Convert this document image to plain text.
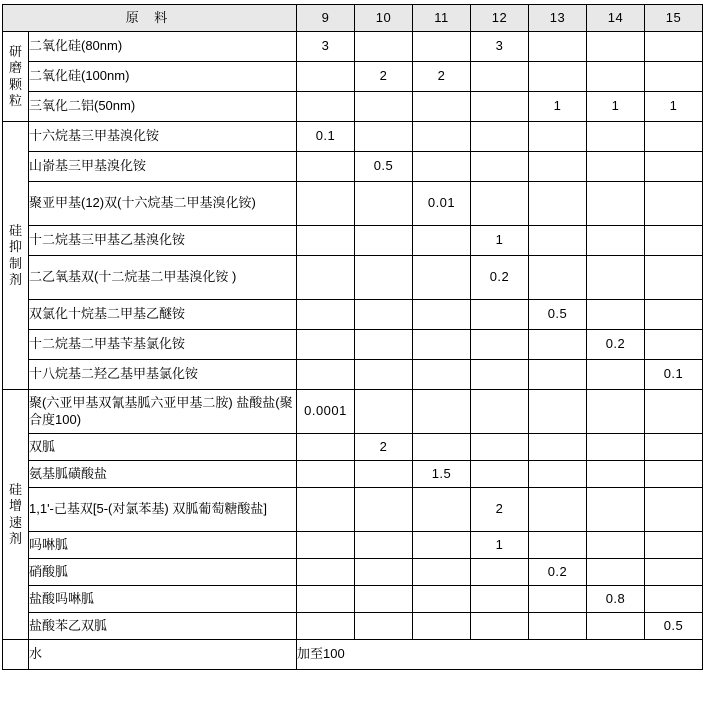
原 料		9	10	11	12	13	14	15
研磨颗粒	二氧化硅(80nm)	3			3			
	二氧化硅(100nm)		2	2				
	三氧化二铝(50nm)					1	1	1
硅抑制剂	十六烷基三甲基溴化铵	0.1						
	山嵛基三甲基溴化铵		0.5					
	聚亚甲基(12)双(十六烷基二甲基溴化铵)			0.01				
	十二烷基三甲基乙基溴化铵				1			
	二乙氧基双(十二烷基二甲基溴化铵 )				0.2			
	双氯化十烷基二甲基乙醚铵					0.5		
	十二烷基二甲基苄基氯化铵						0.2	
	十八烷基二羟乙基甲基氯化铵							0.1
硅增速剂	聚(六亚甲基双氰基胍六亚甲基二胺) 盐酸盐(聚合度100)	0.0001						
	双胍		2					
	氨基胍磺酸盐			1.5				
	1,1'-己基双[5-(对氯苯基) 双胍葡萄糖酸盐]				2			
	吗啉胍				1			
	硝酸胍					0.2		
	盐酸吗啉胍						0.8	
	盐酸苯乙双胍							0.5
	水	加至100						
